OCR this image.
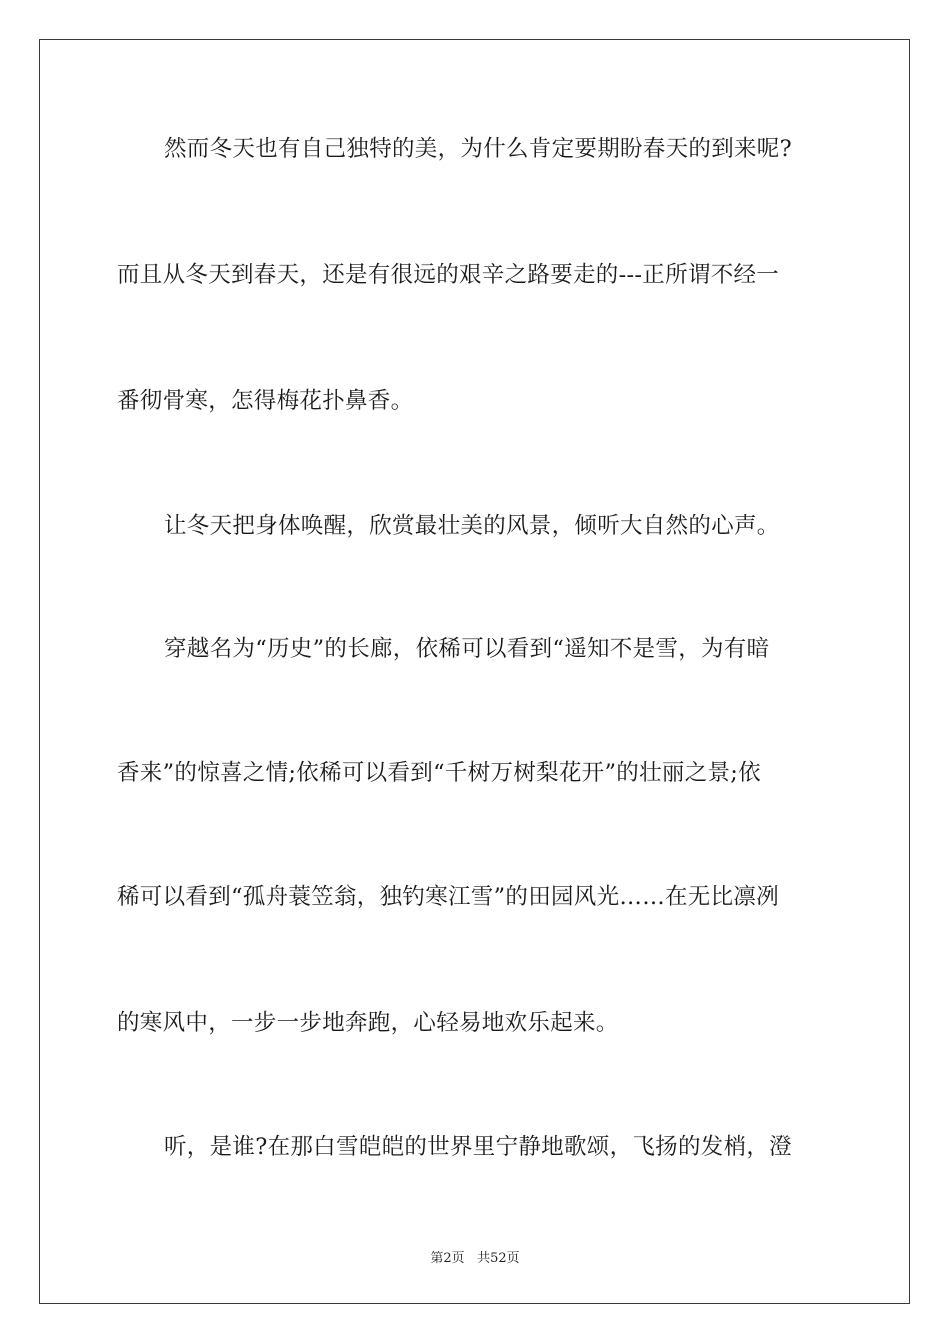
然而冬天也有自己独特的美，为什么肯定要期盼春天的到来呢?
而且从冬天到春天，还是有很远的艰辛之路要走的---正所谓不经一
番彻骨寒，怎得梅花扑鼻香。
让冬天把身体唤醒，欣赏最壮美的风景，倾听大自然的心声。
穿越名为“历史”的长廊，依稀可以看到“遥知不是雪，为有暗
香来”的惊喜之情;依稀可以看到“千树万树梨花开”的壮丽之景;依
稀可以看到“孤舟蓑笠翁，独钓寒江雪”的田园风光……在无比凛冽
的寒风中，一步一步地奔跑，心轻易地欢乐起来。
听，是谁?在那白雪皑皑的世界里宁静地歌颂，飞扬的发梢，澄
第2页 共52页
